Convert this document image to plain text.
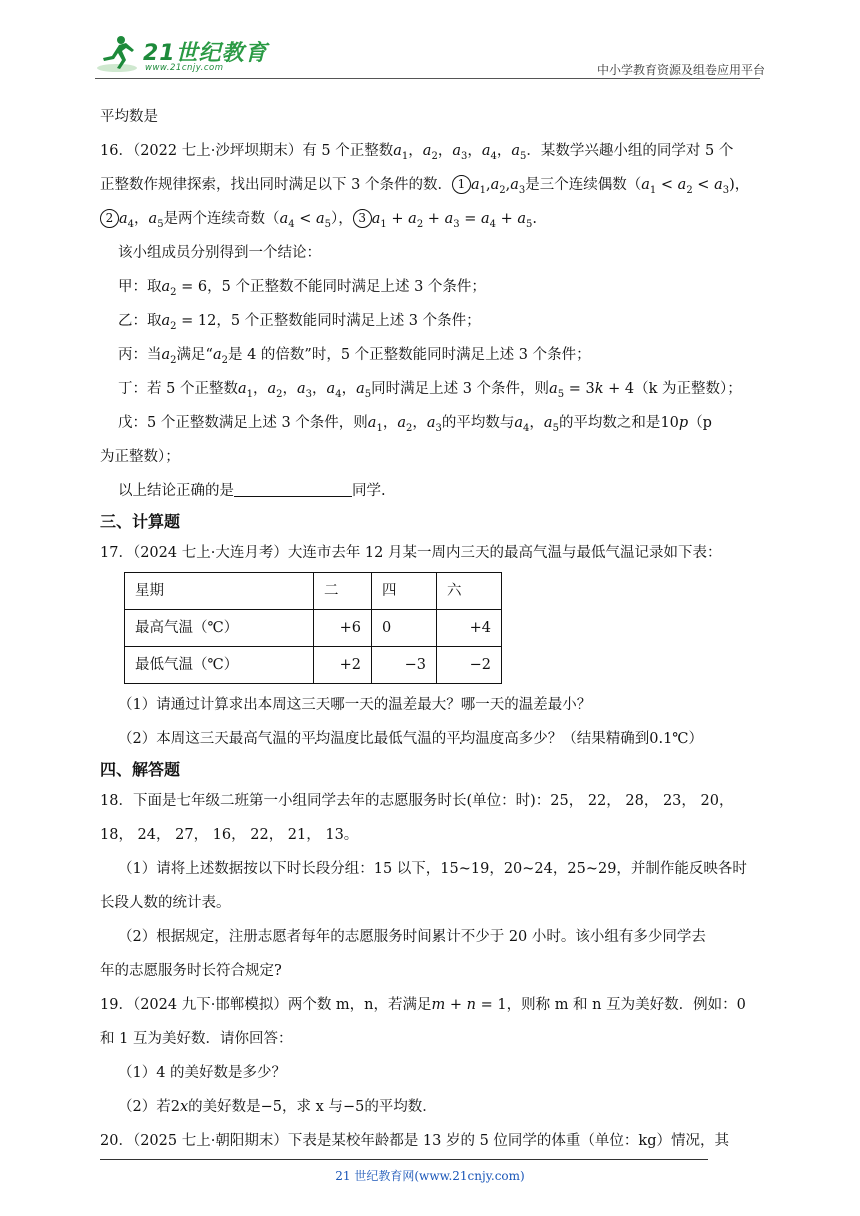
21世纪教育
www.21cnjy.com	中小学教育资源及组卷应用平台
平均数是
16．（2022 七上·沙坪坝期末）有 5 个正整数$a_1$，$a_2$，$a_3$，$a_4$，$a_5$．某数学兴趣小组的同学对 5 个
正整数作规律探索，找出同时满足以下 3 个条件的数． 1 $a_1,a_2,a_3$是三个连续偶数$(a_1 < a_2 < a_3)$，
2 $a_4$，$a_5$是两个连续奇数$(a_4 < a_5)$， 3 $a_1 + a_2 + a_3 = a_4 + a_5$.
该小组成员分别得到一个结论：
甲：取$a_2 = 6$，5 个正整数不能同时满足上述 3 个条件；
乙：取$a_2 = 12$，5 个正整数能同时满足上述 3 个条件；
丙：当$a_2$满足“$a_2$是 4 的倍数”时，5 个正整数能同时满足上述 3 个条件；
丁：若 5 个正整数$a_1$，$a_2$，$a_3$，$a_4$，$a_5$同时满足上述 3 个条件，则$a_5 = 3k + 4(k$ 为正整数）；
戊：5 个正整数满足上述 3 个条件，则$a_1$，$a_2$，$a_3$的平均数与$a_4$，$a_5$的平均数之和是10p（p
为正整数）；
以上结论正确的是	同学.
三、计算题
17．（2024 七上·大连月考）大连市去年 12 月某一周内三天的最高气温与最低气温记录如下表：
星期	二	四	六
最高气温（℃）	+6	0	+4
最低气温（℃）	+2	−3	−2
（1）请通过计算求出本周这三天哪一天的温差最大？哪一天的温差最小？
（2）本周这三天最高气温的平均温度比最低气温的平均温度高多少？（结果精确到0.1℃）
四、解答题
18．下面是七年级二班第一小组同学去年的志愿服务时长(单位：时)：25， 22， 28， 23， 20，
18， 24， 27， 16， 22， 21， 13。
（1）请将上述数据按以下时长段分组：15 以下，15~19，20~24，25~29，并制作能反映各时
长段人数的统计表。
（2）根据规定，注册志愿者每年的志愿服务时间累计不少于 20 小时。该小组有多少同学去
年的志愿服务时长符合规定?
19．（2024 九下·邯郸模拟）两个数 m，n，若满足m + n = 1，则称 m 和 n 互为美好数．例如：0
和 1 互为美好数．请你回答：
（1）4 的美好数是多少？
（2）若2x的美好数是−5，求 x 与−5的平均数．
20．（2025 七上·朝阳期末）下表是某校年龄都是 13 岁的 5 位同学的体重（单位：kg）情况，其
21 世纪教育网(www.21cnjy.com)
